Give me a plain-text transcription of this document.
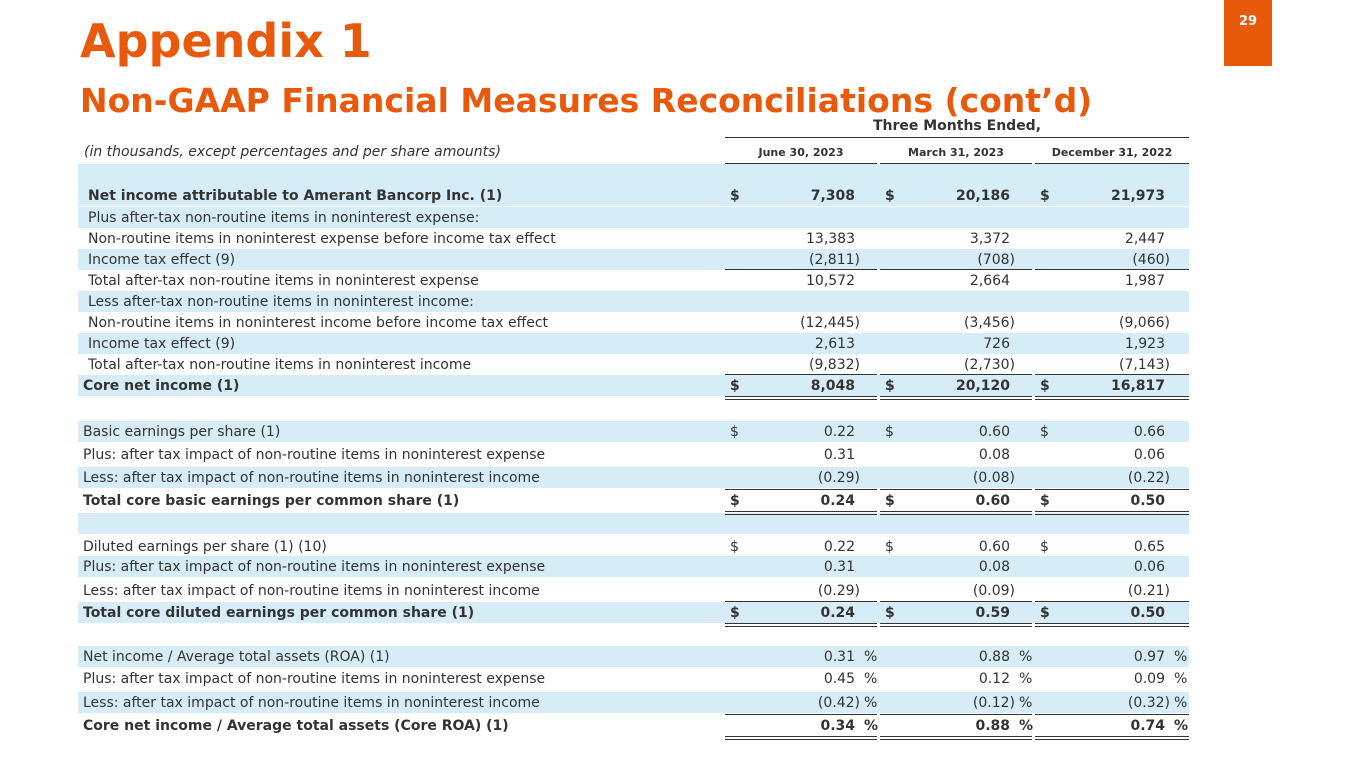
Appendix 1
Non-GAAP Financial Measures Reconciliations (cont’d)
29
Three Months Ended,
(in thousands, except percentages and per share amounts)	June 30, 2023	March 31, 2023	December 31, 2022
Net income attributable to Amerant Bancorp Inc. (1)	$	7,308 $	20,186 $	21,973
Plus after-tax non-routine items in noninterest expense:
Non-routine items in noninterest expense before income tax effect	13,383	3,372	2,447
Income tax effect (9)	(2,811)	(708)	(460)
Total after-tax non-routine items in noninterest expense	10,572	2,664	1,987
Less after-tax non-routine items in noninterest income:
Non-routine items in noninterest income before income tax effect	(12,445)	(3,456)	(9,066)
Income tax effect (9)	2,613	726	1,923
Total after-tax non-routine items in noninterest income	(9,832)	(2,730)	(7,143)
Core net income (1)	$	8,048 $	20,120 $	16,817
Basic earnings per share (1)	$	0.22 $	0.60 $	0.66
Plus: after tax impact of non-routine items in noninterest expense	0.31	0.08	0.06
Less: after tax impact of non-routine items in noninterest income	(0.29)	(0.08)	(0.22)
Total core basic earnings per common share (1)	$	0.24 $	0.60 $	0.50
Diluted earnings per share (1) (10)	$	0.22 $	0.60 $	0.65
Plus: after tax impact of non-routine items in noninterest expense	0.31	0.08	0.06
Less: after tax impact of non-routine items in noninterest income	(0.29)	(0.09)	(0.21)
Total core diluted earnings per common share (1)	$	0.24 $	0.59 $	0.50
Net income / Average total assets (ROA) (1)	0.31 %	0.88 %	0.97 %
Plus: after tax impact of non-routine items in noninterest expense	0.45 %	0.12 %	0.09 %
Less: after tax impact of non-routine items in noninterest income	(0.42) %	(0.12) %	(0.32) %
Core net income / Average total assets (Core ROA) (1)	0.34 %	0.88 %	0.74 %
